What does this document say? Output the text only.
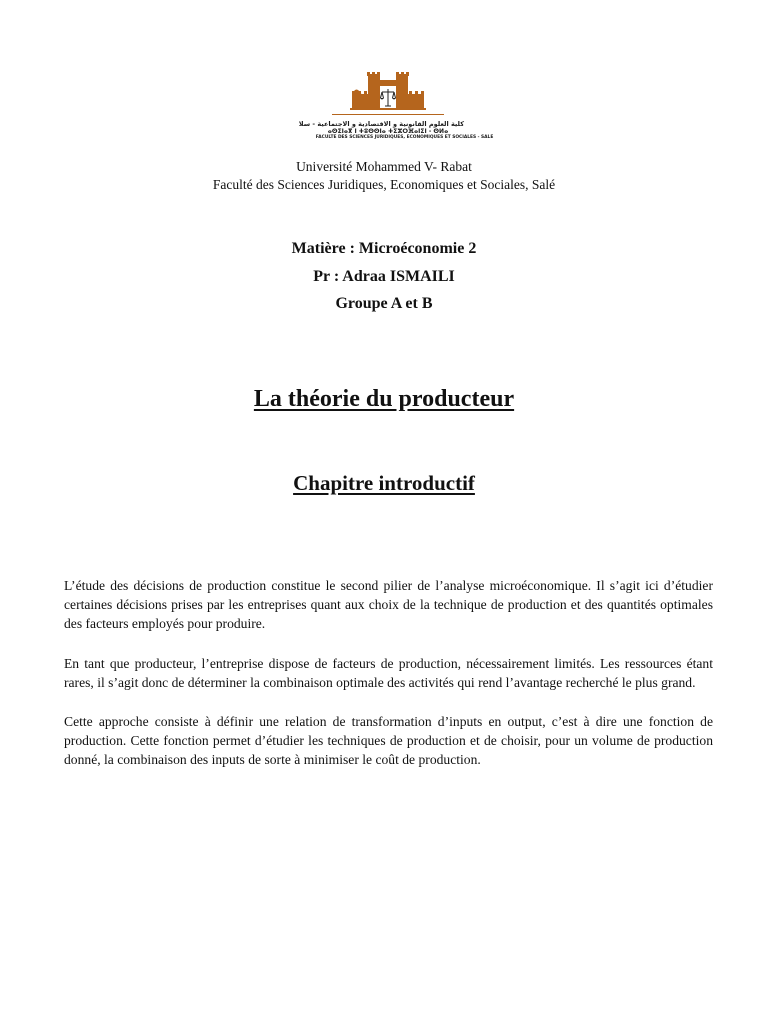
كلية العلوم القانونية و الاقتصادية و الاجتماعية - سلا
ⴰⵙⵉⵏⴰⴳ ⵏ ⵜⵓⵙⵙⵏⴰ ⵜⵉⵣⵔⴼⴰⵏⵉⵏ - ⵙⵍⴰ
FACULTE DES SCIENCES JURIDIQUES, ECONOMIQUES ET SOCIALES - SALE
Université Mohammed V- Rabat
Faculté des Sciences Juridiques, Economiques et Sociales, Salé
Matière : Microéconomie 2
Pr : Adraa ISMAILI
Groupe A et B
La théorie du producteur
Chapitre introductif
L’étude des décisions de production constitue le second pilier de l’analyse microéconomique. Il s’agit ici d’étudier certaines décisions prises par les entreprises quant aux choix de la technique de production et des quantités optimales des facteurs employés pour produire.
En tant que producteur, l’entreprise dispose de facteurs de production, nécessairement limités. Les ressources étant rares, il s’agit donc de déterminer la combinaison optimale des activités qui rend l’avantage recherché le plus grand.
Cette approche consiste à définir une relation de transformation d’inputs en output, c’est à dire une fonction de production. Cette fonction permet d’étudier les techniques de production et de choisir, pour un volume de production donné, la combinaison des inputs de sorte à minimiser le coût de production.
